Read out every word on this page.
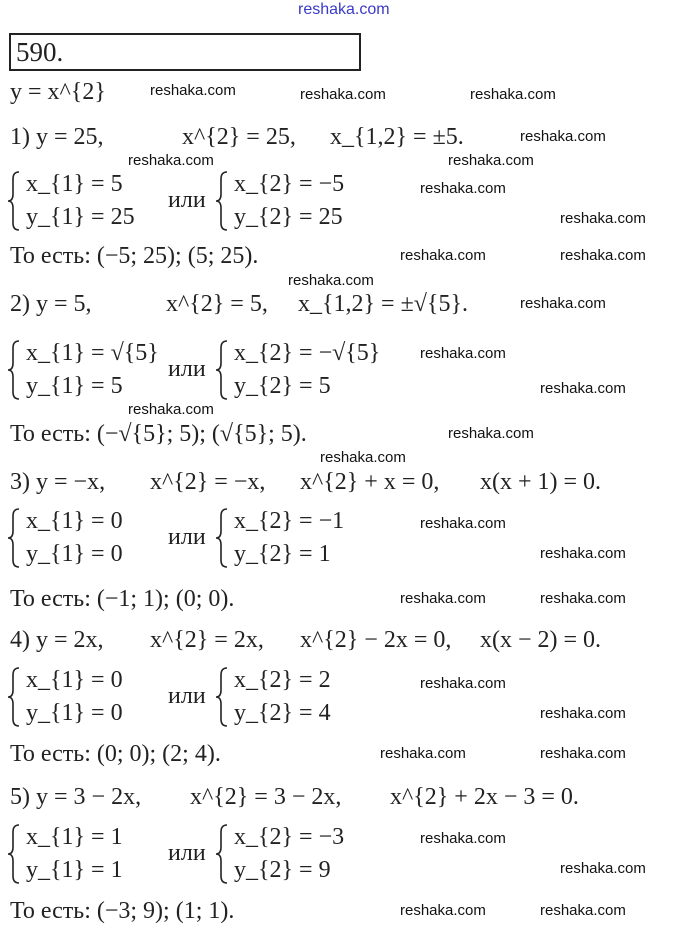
reshaka.com
590.
y = x^{2}
1) y = 25,	x^{2} = 25, x_{1,2} = ±5.
x_{1} = 5
y_{1} = 25
или
x_{2} = −5
y_{2} = 25
То есть: (−5; 25); (5; 25).
2) y = 5,	x^{2} = 5, x_{1,2} = ±√{5}.
x_{1} = √{5}
y_{1} = 5
или
x_{2} = −√{5}
y_{2} = 5
То есть: (−√{5}; 5); (√{5}; 5).
3) y = −x, x^{2} = −x, x^{2} + x = 0, x(x + 1) = 0.
x_{1} = 0
y_{1} = 0
или
x_{2} = −1
y_{2} = 1
То есть: (−1; 1); (0; 0).
4) y = 2x, x^{2} = 2x, x^{2} − 2x = 0, x(x − 2) = 0.
x_{1} = 0
y_{1} = 0
или
x_{2} = 2
y_{2} = 4
То есть: (0; 0); (2; 4).
5) y = 3 − 2x, x^{2} = 3 − 2x, x^{2} + 2x − 3 = 0.
x_{1} = 1
y_{1} = 1
или
x_{2} = −3
y_{2} = 9
То есть: (−3; 9); (1; 1).
reshaka.com	reshaka.com	reshaka.com
reshaka.com
reshaka.com	reshaka.com
reshaka.com
reshaka.com
reshaka.com	reshaka.com
reshaka.com
reshaka.com
reshaka.com
reshaka.com
reshaka.com
reshaka.com
reshaka.com
reshaka.com
reshaka.com
reshaka.com	reshaka.com
reshaka.com
reshaka.com
reshaka.com	reshaka.com
reshaka.com
reshaka.com
reshaka.com	reshaka.com
